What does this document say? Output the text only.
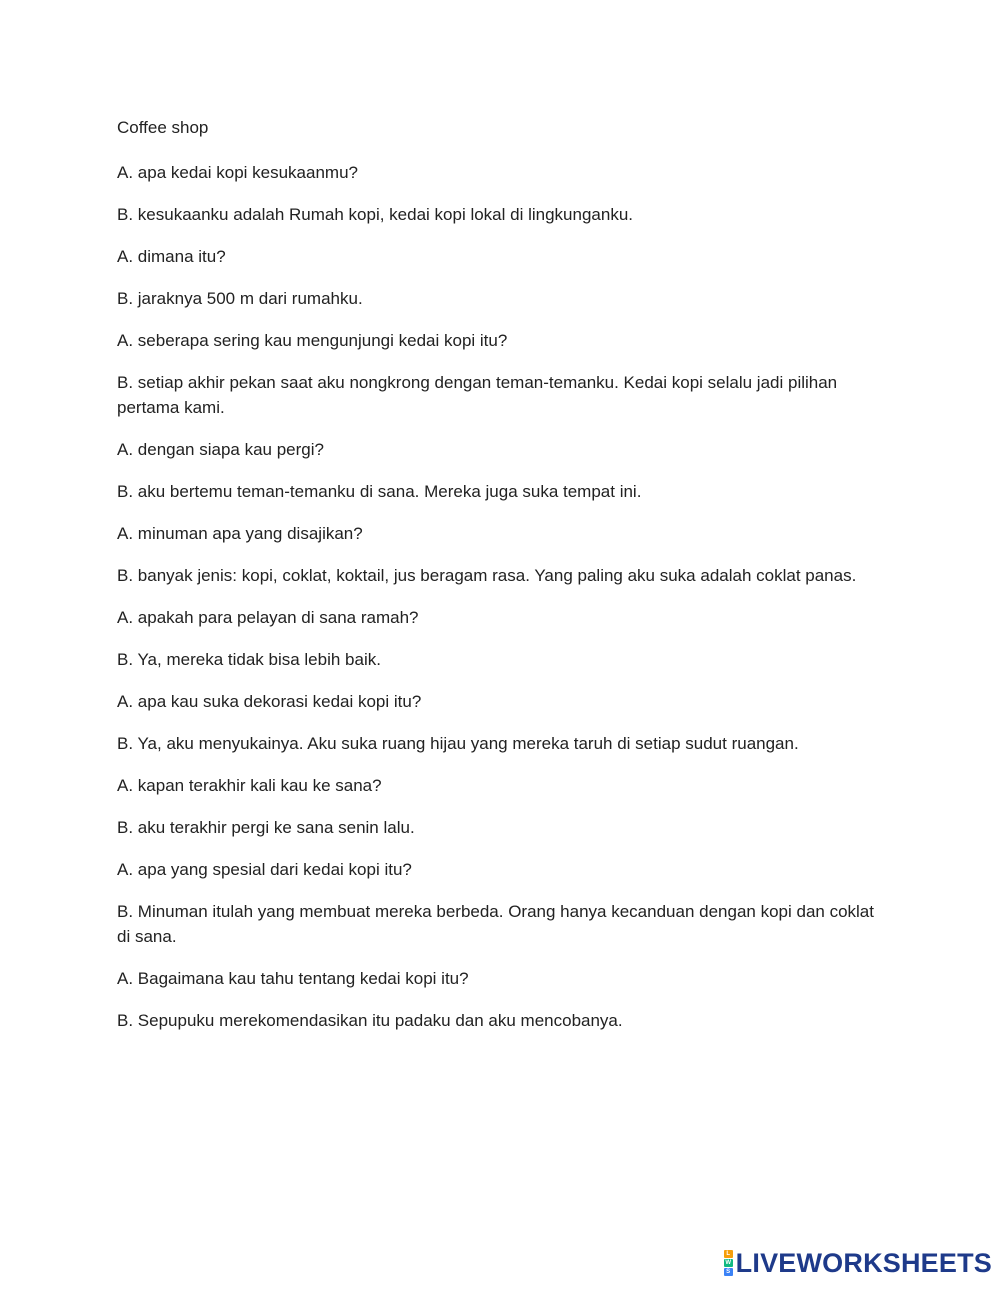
Coffee shop

A. apa kedai kopi kesukaanmu?

B. kesukaanku adalah Rumah kopi, kedai kopi lokal di lingkunganku.

A. dimana itu?

B. jaraknya 500 m dari rumahku.

A. seberapa sering kau mengunjungi kedai kopi itu?

B. setiap akhir pekan saat aku nongkrong dengan teman-temanku. Kedai kopi selalu jadi pilihan pertama kami.

A. dengan siapa kau pergi?

B. aku bertemu teman-temanku di sana. Mereka juga suka tempat ini.

A. minuman apa yang disajikan?

B. banyak jenis: kopi, coklat, koktail, jus beragam rasa. Yang paling aku suka adalah coklat panas.

A. apakah para pelayan di sana ramah?

B. Ya, mereka tidak bisa lebih baik.

A. apa kau suka dekorasi kedai kopi itu?

B. Ya, aku menyukainya. Aku suka ruang hijau yang mereka taruh di setiap sudut ruangan.

A. kapan terakhir kali kau ke sana?

B. aku terakhir pergi ke sana senin lalu.

A. apa yang spesial dari kedai kopi itu?

B. Minuman itulah yang membuat mereka berbeda. Orang hanya kecanduan dengan kopi dan coklat di sana.

A. Bagaimana kau tahu tentang kedai kopi itu?

B. Sepupuku merekomendasikan itu padaku dan aku mencobanya.

L
W
S LIVEWORKSHEETS
